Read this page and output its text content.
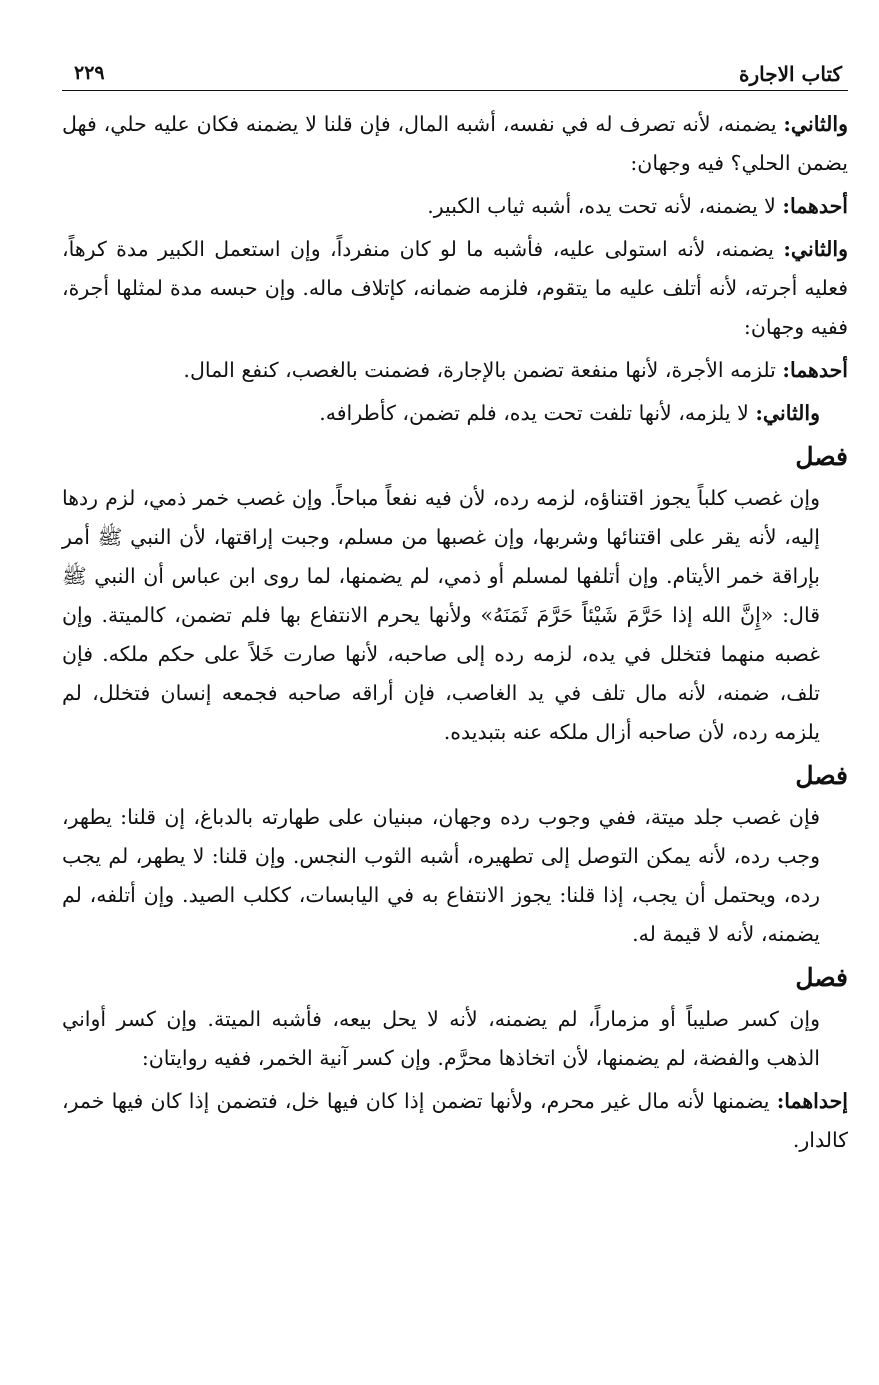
كتاب الاجارة
٢٢٩

والثاني: يضمنه، لأنه تصرف له في نفسه، أشبه المال، فإن قلنا لا يضمنه فكان عليه حلي، فهل يضمن الحلي؟ فيه وجهان:

أحدهما: لا يضمنه، لأنه تحت يده، أشبه ثياب الكبير.

والثاني: يضمنه، لأنه استولى عليه، فأشبه ما لو كان منفرداً، وإن استعمل الكبير مدة كرهاً، فعليه أجرته، لأنه أتلف عليه ما يتقوم، فلزمه ضمانه، كإتلاف ماله. وإن حبسه مدة لمثلها أجرة، ففيه وجهان:

أحدهما: تلزمه الأجرة، لأنها منفعة تضمن بالإجارة، فضمنت بالغصب، كنفع المال.

والثاني: لا يلزمه، لأنها تلفت تحت يده، فلم تضمن، كأطرافه.

فصل

وإن غصب كلباً يجوز اقتناؤه، لزمه رده، لأن فيه نفعاً مباحاً. وإن غصب خمر ذمي، لزم ردها إليه، لأنه يقر على اقتنائها وشربها، وإن غصبها من مسلم، وجبت إراقتها، لأن النبي ﷺ أمر بإراقة خمر الأيتام. وإن أتلفها لمسلم أو ذمي، لم يضمنها، لما روى ابن عباس أن النبي ﷺ قال: «إِنَّ الله إذا حَرَّمَ شَيْئاً حَرَّمَ ثَمَنَهُ» ولأنها يحرم الانتفاع بها فلم تضمن، كالميتة. وإن غصبه منهما فتخلل في يده، لزمه رده إلى صاحبه، لأنها صارت خَلاً على حكم ملكه. فإن تلف، ضمنه، لأنه مال تلف في يد الغاصب، فإن أراقه صاحبه فجمعه إنسان فتخلل، لم يلزمه رده، لأن صاحبه أزال ملكه عنه بتبديده.

فصل

فإن غصب جلد ميتة، ففي وجوب رده وجهان، مبنيان على طهارته بالدباغ، إن قلنا: يطهر، وجب رده، لأنه يمكن التوصل إلى تطهيره، أشبه الثوب النجس. وإن قلنا: لا يطهر، لم يجب رده، ويحتمل أن يجب، إذا قلنا: يجوز الانتفاع به في اليابسات، ككلب الصيد. وإن أتلفه، لم يضمنه، لأنه لا قيمة له.

فصل

وإن كسر صليباً أو مزماراً، لم يضمنه، لأنه لا يحل بيعه، فأشبه الميتة. وإن كسر أواني الذهب والفضة، لم يضمنها، لأن اتخاذها محرَّم. وإن كسر آنية الخمر، ففيه روايتان:

إحداهما: يضمنها لأنه مال غير محرم، ولأنها تضمن إذا كان فيها خل، فتضمن إذا كان فيها خمر، كالدار.
